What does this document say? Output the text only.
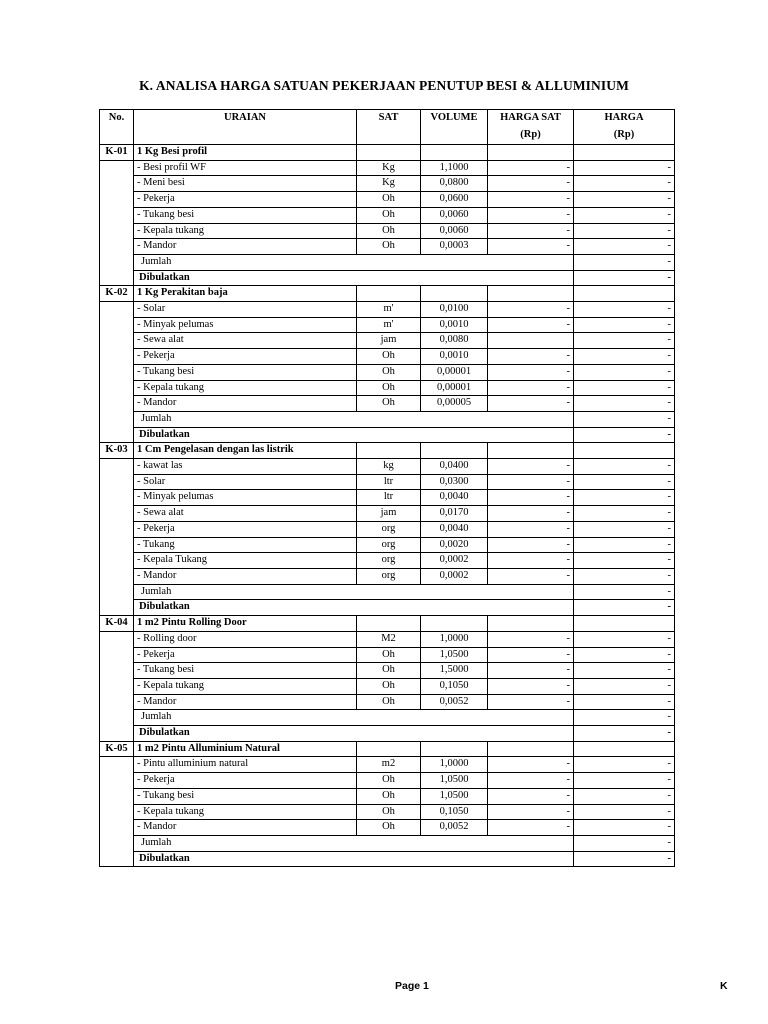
K. ANALISA HARGA SATUAN PEKERJAAN PENUTUP BESI & ALLUMINIUM
No.	URAIAN	SAT	VOLUME	HARGA SAT	HARGA
				(Rp)	(Rp)
K-01	1 Kg Besi profil				
	- Besi profil WF	Kg	1,1000	-	-
	- Meni besi	Kg	0,0800	-	-
	- Pekerja	Oh	0,0600	-	-
	- Tukang besi	Oh	0,0060	-	-
	- Kepala tukang	Oh	0,0060	-	-
	- Mandor	Oh	0,0003	-	-
	Jumlah				-
	Dibulatkan				-
K-02	1 Kg Perakitan baja				
	- Solar	m'	0,0100	-	-
	- Minyak pelumas	m'	0,0010	-	-
	- Sewa alat	jam	0,0080		-
	- Pekerja	Oh	0,0010	-	-
	- Tukang besi	Oh	0,00001	-	-
	- Kepala tukang	Oh	0,00001	-	-
	- Mandor	Oh	0,00005	-	-
	Jumlah				-
	Dibulatkan				-
K-03	1 Cm Pengelasan dengan las listrik				
	- kawat las	kg	0,0400	-	-
	- Solar	ltr	0,0300	-	-
	- Minyak pelumas	ltr	0,0040	-	-
	- Sewa alat	jam	0,0170	-	-
	- Pekerja	org	0,0040	-	-
	- Tukang	org	0,0020	-	-
	- Kepala Tukang	org	0,0002	-	-
	- Mandor	org	0,0002	-	-
	Jumlah				-
	Dibulatkan				-
K-04	1 m2 Pintu Rolling Door				
	- Rolling door	M2	1,0000	-	-
	- Pekerja	Oh	1,0500	-	-
	- Tukang besi	Oh	1,5000	-	-
	- Kepala tukang	Oh	0,1050	-	-
	- Mandor	Oh	0,0052	-	-
	Jumlah				-
	Dibulatkan				-
K-05	1 m2 Pintu Alluminium Natural				
	- Pintu alluminium natural	m2	1,0000	-	-
	- Pekerja	Oh	1,0500	-	-
	- Tukang besi	Oh	1,0500	-	-
	- Kepala tukang	Oh	0,1050	-	-
	- Mandor	Oh	0,0052	-	-
	Jumlah				-
	Dibulatkan				-
Page 1	K
